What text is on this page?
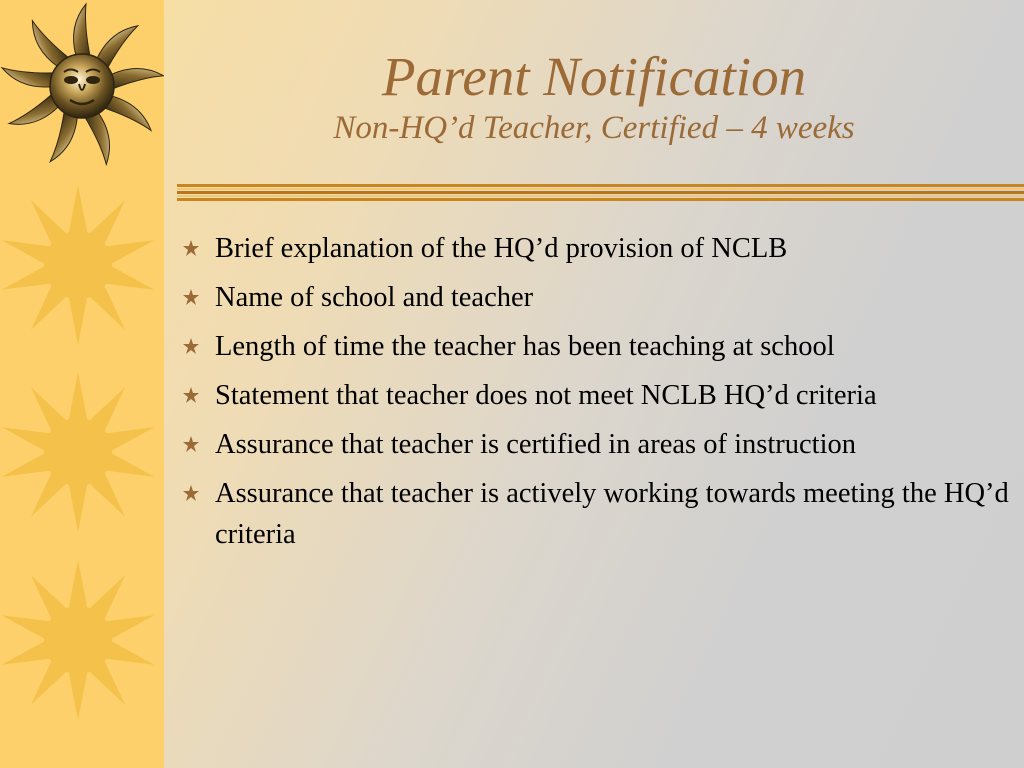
Parent Notification
Non-HQ’d Teacher, Certified – 4 weeks
Brief explanation of the HQ’d provision of NCLB
Name of school and teacher
Length of time the teacher has been teaching at school
Statement that teacher does not meet NCLB HQ’d criteria
Assurance that teacher is certified in areas of instruction
Assurance that teacher is actively working towards meeting the HQ’d criteria
